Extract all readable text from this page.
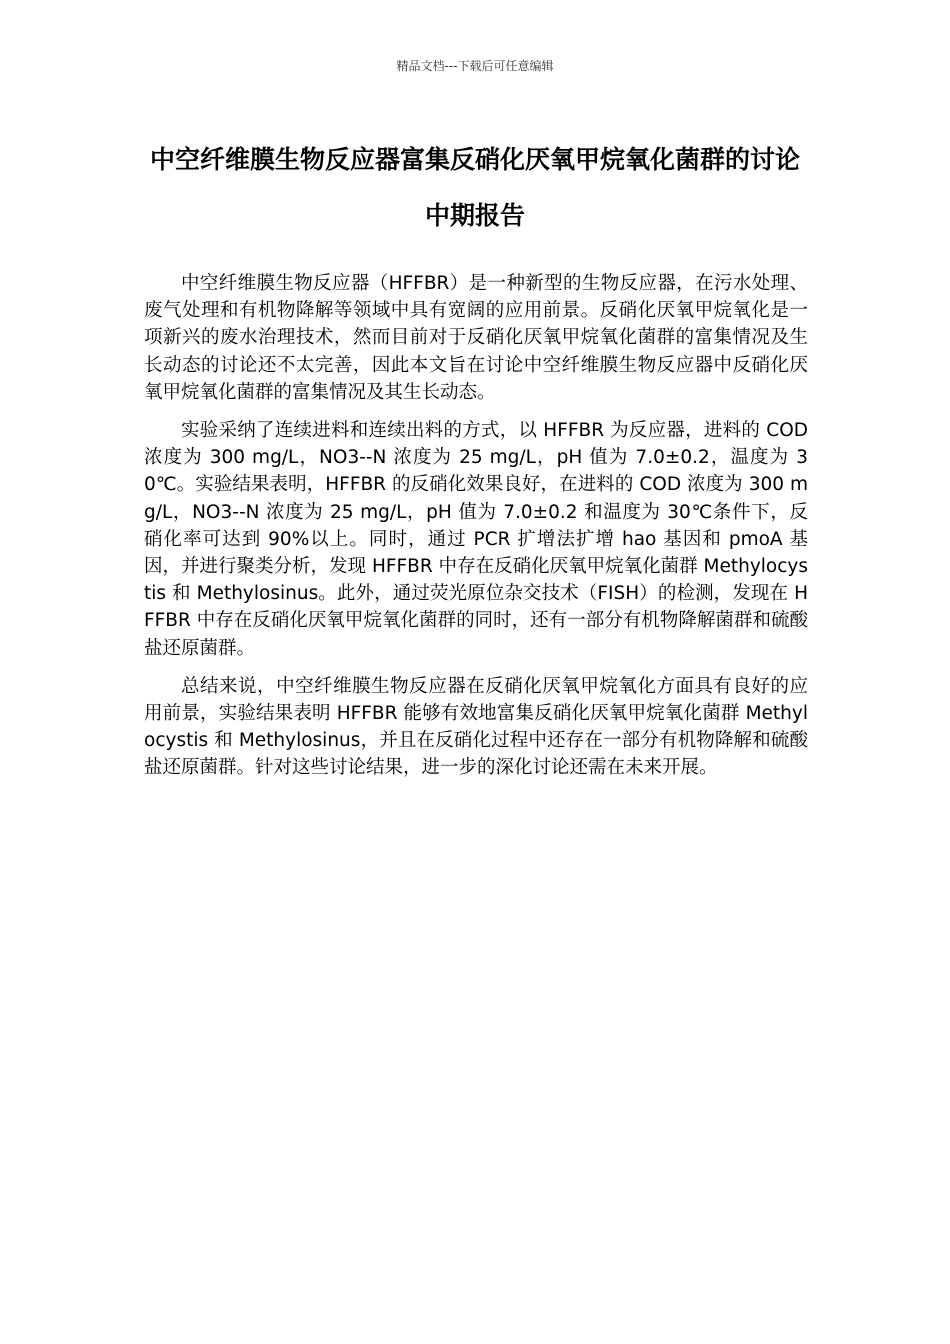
精品文档---下载后可任意编辑
中空纤维膜生物反应器富集反硝化厌氧甲烷氧化菌群的讨论中期报告

中空纤维膜生物反应器（HFFBR）是一种新型的生物反应器，在污水处理、废气处理和有机物降解等领域中具有宽阔的应用前景。反硝化厌氧甲烷氧化是一项新兴的废水治理技术，然而目前对于反硝化厌氧甲烷氧化菌群的富集情况及生长动态的讨论还不太完善，因此本文旨在讨论中空纤维膜生物反应器中反硝化厌氧甲烷氧化菌群的富集情况及其生长动态。

实验采纳了连续进料和连续出料的方式，以 HFFBR 为反应器，进料的 COD 浓度为 300 mg/L，NO3--N 浓度为 25 mg/L，pH 值为 7.0±0.2，温度为 30℃。实验结果表明，HFFBR 的反硝化效果良好，在进料的 COD 浓度为 300 mg/L，NO3--N 浓度为 25 mg/L，pH 值为 7.0±0.2 和温度为 30℃条件下，反硝化率可达到 90%以上。同时，通过 PCR 扩增法扩增 hao 基因和 pmoA 基因，并进行聚类分析，发现 HFFBR 中存在反硝化厌氧甲烷氧化菌群 Methylocystis 和 Methylosinus。此外，通过荧光原位杂交技术（FISH）的检测，发现在 HFFBR 中存在反硝化厌氧甲烷氧化菌群的同时，还有一部分有机物降解菌群和硫酸盐还原菌群。

总结来说，中空纤维膜生物反应器在反硝化厌氧甲烷氧化方面具有良好的应用前景，实验结果表明 HFFBR 能够有效地富集反硝化厌氧甲烷氧化菌群 Methylocystis 和 Methylosinus，并且在反硝化过程中还存在一部分有机物降解和硫酸盐还原菌群。针对这些讨论结果，进一步的深化讨论还需在未来开展。
